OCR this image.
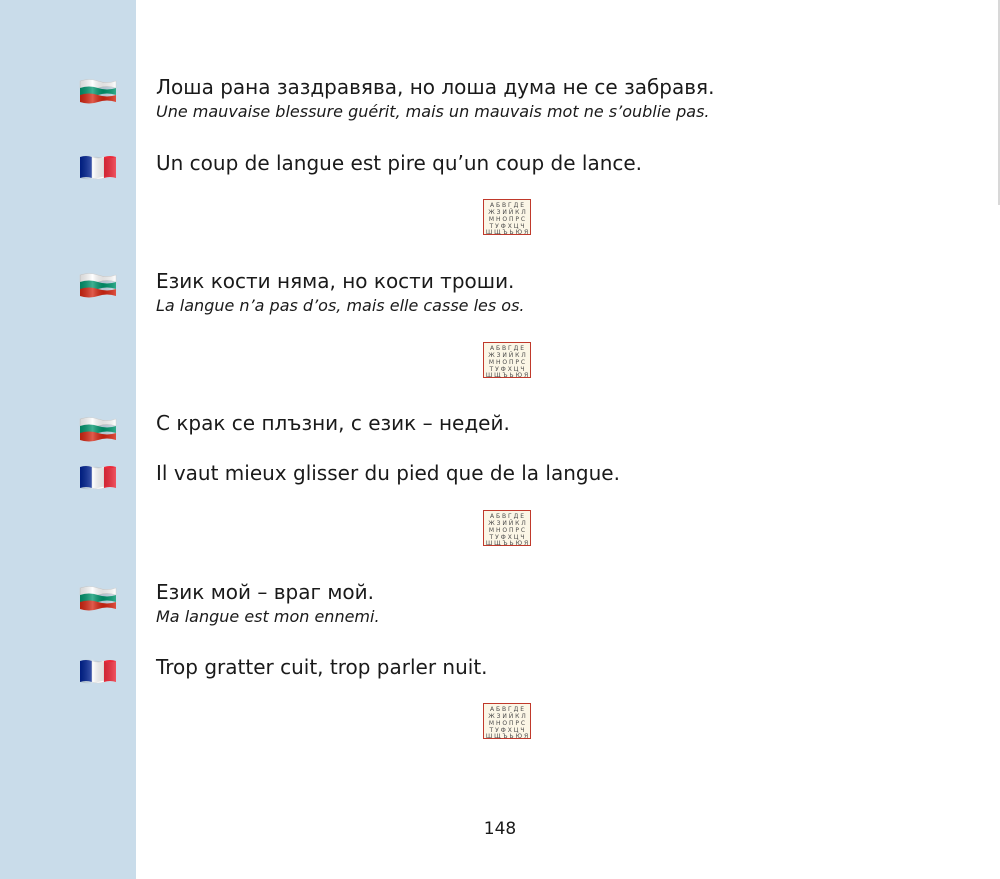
Лоша рана заздравява, но лоша дума не се забравя.
Une mauvaise blessure guérit, mais un mauvais mot ne s’oublie pas.
Un coup de langue est pire qu’un coup de lance.
А Б В Г Д Е
Ж З И Й К Л
М Н О П Р С
Т У Ф Х Ц Ч
Ш Щ Ъ Ь Ю Я
Език кости няма, но кости троши.
La langue n’a pas d’os, mais elle casse les os.
А Б В Г Д Е
Ж З И Й К Л
М Н О П Р С
Т У Ф Х Ц Ч
Ш Щ Ъ Ь Ю Я
С крак се плъзни, с език – недей.
Il vaut mieux glisser du pied que de la langue.
А Б В Г Д Е
Ж З И Й К Л
М Н О П Р С
Т У Ф Х Ц Ч
Ш Щ Ъ Ь Ю Я
Език мой – враг мой.
Ma langue est mon ennemi.
Trop gratter cuit, trop parler nuit.
А Б В Г Д Е
Ж З И Й К Л
М Н О П Р С
Т У Ф Х Ц Ч
Ш Щ Ъ Ь Ю Я
148
